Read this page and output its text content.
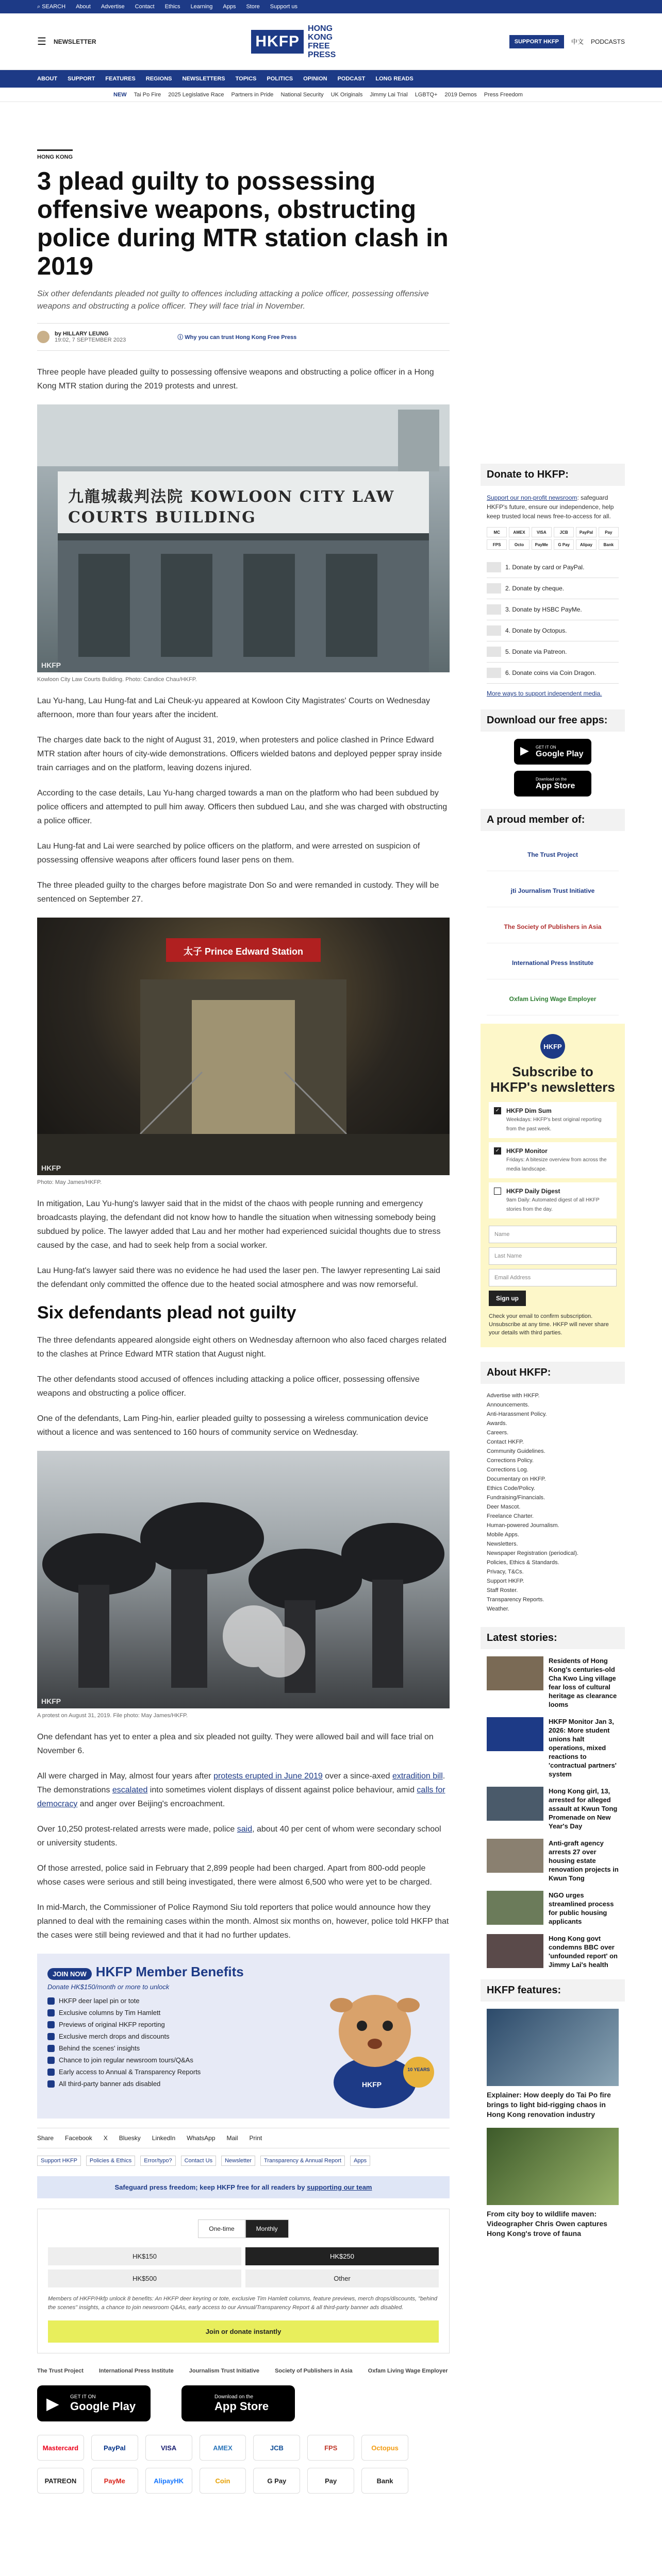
⌕ SEARCH About Advertise Contact Ethics Learning Apps Store Support us
☰ NEWSLETTER	HKFP
HONG KONG FREE PRESS
SUPPORT HKFP	中文 PODCASTS
ABOUT SUPPORT FEATURES REGIONS NEWSLETTERS TOPICS POLITICS OPINION PODCAST LONG READS
NEW Tai Po Fire 2025 Legislative Race Partners in Pride National Security UK Originals Jimmy Lai Trial LGBTQ+ 2019 Demos Press Freedom
HONG KONG
3 plead guilty to possessing offensive weapons, obstructing police during MTR station clash in 2019
Six other defendants pleaded not guilty to offences including attacking a police officer, possessing offensive weapons and obstructing a police officer. They will face trial in November.
by HILLARY LEUNG
19:02, 7 SEPTEMBER 2023	ⓘ Why you can trust Hong Kong Free Press

Three people have pleaded guilty to possessing offensive weapons and obstructing a police officer in a Hong Kong MTR station during the 2019 protests and unrest.

九龍城裁判法院 KOWLOON CITY LAW COURTS BUILDING
HKFP
Kowloon City Law Courts Building. Photo: Candice Chau/HKFP.

Lau Yu-hang, Lau Hung-fat and Lai Cheuk-yu appeared at Kowloon City Magistrates' Courts on Wednesday afternoon, more than four years after the incident.

The charges date back to the night of August 31, 2019, when protesters and police clashed in Prince Edward MTR station after hours of city-wide demonstrations. Officers wielded batons and deployed pepper spray inside train carriages and on the platform, leaving dozens injured.

According to the case details, Lau Yu-hang charged towards a man on the platform who had been subdued by police officers and attempted to pull him away. Officers then subdued Lau, and she was charged with obstructing a police officer.

Lau Hung-fat and Lai were searched by police officers on the platform, and were arrested on suspicion of possessing offensive weapons after officers found laser pens on them.

The three pleaded guilty to the charges before magistrate Don So and were remanded in custody. They will be sentenced on September 27.

太子 Prince Edward Station
HKFP
Photo: May James/HKFP.

In mitigation, Lau Yu-hung's lawyer said that in the midst of the chaos with people running and emergency broadcasts playing, the defendant did not know how to handle the situation when witnessing somebody being subdued by police. The lawyer added that Lau and her mother had experienced suicidal thoughts due to stress caused by the case, and had to seek help from a social worker.

Lau Hung-fat's lawyer said there was no evidence he had used the laser pen. The lawyer representing Lai said the defendant only committed the offence due to the heated social atmosphere and was now remorseful.

Six defendants plead not guilty

The three defendants appeared alongside eight others on Wednesday afternoon who also faced charges related to the clashes at Prince Edward MTR station that August night.

The other defendants stood accused of offences including attacking a police officer, possessing offensive weapons and obstructing a police officer.

One of the defendants, Lam Ping-hin, earlier pleaded guilty to possessing a wireless communication device without a licence and was sentenced to 160 hours of community service on Wednesday.

HKFP
A protest on August 31, 2019. File photo: May James/HKFP.

One defendant has yet to enter a plea and six pleaded not guilty. They were allowed bail and will face trial on November 6.

All were charged in May, almost four years after protests erupted in June 2019 over a since-axed extradition bill. The demonstrations escalated into sometimes violent displays of dissent against police behaviour, amid calls for democracy and anger over Beijing's encroachment.

Over 10,250 protest-related arrests were made, police said, about 40 per cent of whom were secondary school or university students.

Of those arrested, police said in February that 2,899 people had been charged. Apart from 800-odd people whose cases were serious and still being investigated, there were almost 6,500 who were yet to be charged.

In mid-March, the Commissioner of Police Raymond Siu told reporters that police would announce how they planned to deal with the remaining cases within the month. Almost six months on, however, police told HKFP that the cases were still being reviewed and that it had no further updates.

JOIN NOW HKFP Member Benefits
Donate HK$150/month or more to unlock
HKFP deer lapel pin or tote
Exclusive columns by Tim Hamlett
Previews of original HKFP reporting
Exclusive merch drops and discounts
Behind the scenes' insights
Chance to join regular newsroom tours/Q&As
Early access to Annual & Transparency Reports
All third-party banner ads disabled	HKFP
10 YEARS
Share Facebook X Bluesky LinkedIn WhatsApp Mail Print
Support HKFP	Policies & Ethics	Error/typo?	Contact Us	Newsletter	Transparency & Annual Report	Apps
Safeguard press freedom; keep HKFP free for all readers by supporting our team
One-time	Monthly
HK$150	HK$250
HK$500	Other
Members of HKFP/Hkfp unlock 8 benefits: An HKFP deer keyring or tote, exclusive Tim Hamlett columns, feature previews, merch drops/discounts, "behind the scenes" insights, a chance to join newsroom Q&As, early access to our Annual/Transparency Report & all third-party banner ads disabled.
Join or donate instantly
The Trust Project	International Press Institute	Journalism Trust Initiative	Society of Publishers in Asia	Oxfam Living Wage Employer
▶ GET IT ON
Google Play
Download on the
App Store
Mastercard	PayPal	VISA	AMEX	JCB	FPS	Octopus
PATREON	PayMe	AlipayHK	Coin	G Pay	Pay	Bank
Donate to HKFP:
Support our non-profit newsroom: safeguard HKFP's future, ensure our independence, help keep trusted local news free-to-access for all.
MC	AMEX	VISA	JCB	PayPal	Pay
FPS	Octo	PayMe	G Pay	Alipay	Bank
1. Donate by card or PayPal.
2. Donate by cheque.
3. Donate by HSBC PayMe.
4. Donate by Octopus.
5. Donate via Patreon.
6. Donate coins via Coin Dragon.
More ways to support independent media.
Download our free apps:
▶ GET IT ON
Google Play
Download on the
App Store
A proud member of:
The Trust Project
jti Journalism Trust Initiative
The Society of Publishers in Asia
International Press Institute
Oxfam Living Wage Employer
HKFP
Subscribe to HKFP's newsletters
✓ HKFP Dim Sum
Weekdays: HKFP's best original reporting from the past week.
✓ HKFP Monitor
Fridays: A bitesize overview from across the media landscape.
HKFP Daily Digest
9am Daily: Automated digest of all HKFP stories from the day.
Name
Last Name
Email Address
Sign up
Check your email to confirm subscription. Unsubscribe at any time. HKFP will never share your details with third parties.
About HKFP:
Advertise with HKFP.
Announcements.
Anti-Harassment Policy.
Awards.
Careers.
Contact HKFP.
Community Guidelines.
Corrections Policy.
Corrections Log.
Documentary on HKFP.
Ethics Code/Policy.
Fundraising/Financials.
Deer Mascot.
Freelance Charter.
Human-powered Journalism.
Mobile Apps.
Newsletters.
Newspaper Registration (periodical).
Policies, Ethics & Standards.
Privacy, T&Cs.
Support HKFP.
Staff Roster.
Transparency Reports.
Weather.
Latest stories:
Residents of Hong Kong's centuries-old Cha Kwo Ling village fear loss of cultural heritage as clearance looms
HKFP Monitor Jan 3, 2026: More student unions halt operations, mixed reactions to 'contractual partners' system
Hong Kong girl, 13, arrested for alleged assault at Kwun Tong Promenade on New Year's Day
Anti-graft agency arrests 27 over housing estate renovation projects in Kwun Tong
NGO urges streamlined process for public housing applicants
Hong Kong govt condemns BBC over 'unfounded report' on Jimmy Lai's health
HKFP features:
Explainer: How deeply do Tai Po fire brings to light bid-rigging chaos in Hong Kong renovation industry
From city boy to wildlife maven: Videographer Chris Owen captures Hong Kong's trove of fauna
